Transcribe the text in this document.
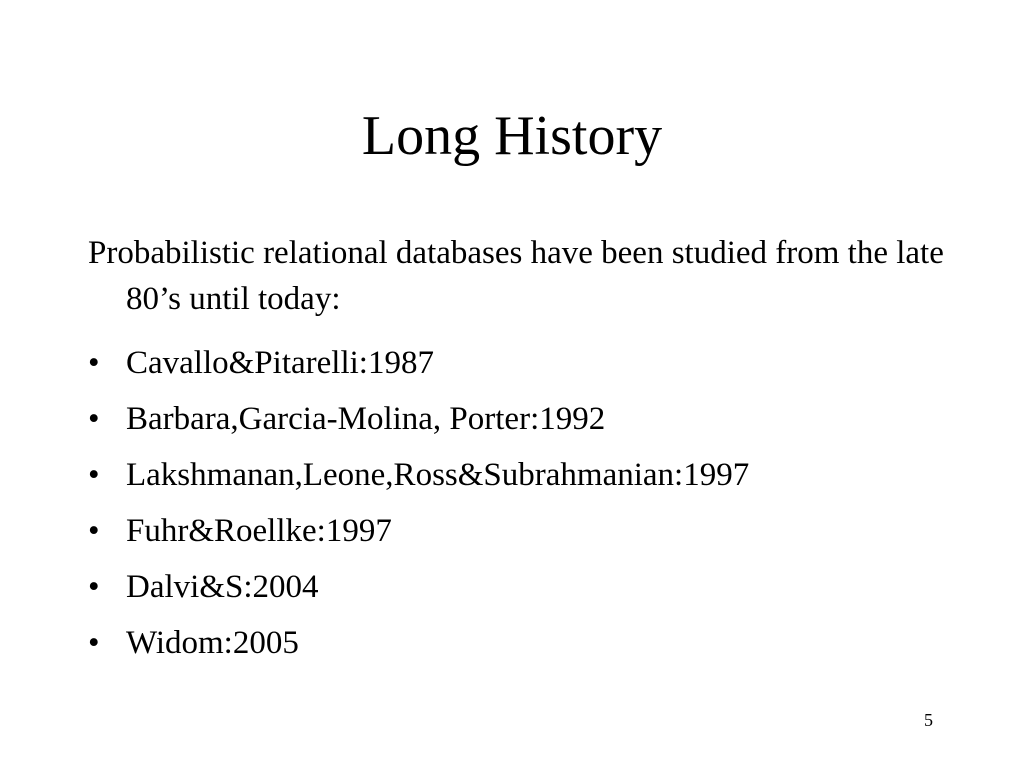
Long History

Probabilistic relational databases have been studied from the late 80’s until today:

• Cavallo&Pitarelli:1987
• Barbara,Garcia-Molina, Porter:1992
• Lakshmanan,Leone,Ross&Subrahmanian:1997
• Fuhr&Roellke:1997
• Dalvi&S:2004
• Widom:2005
5
